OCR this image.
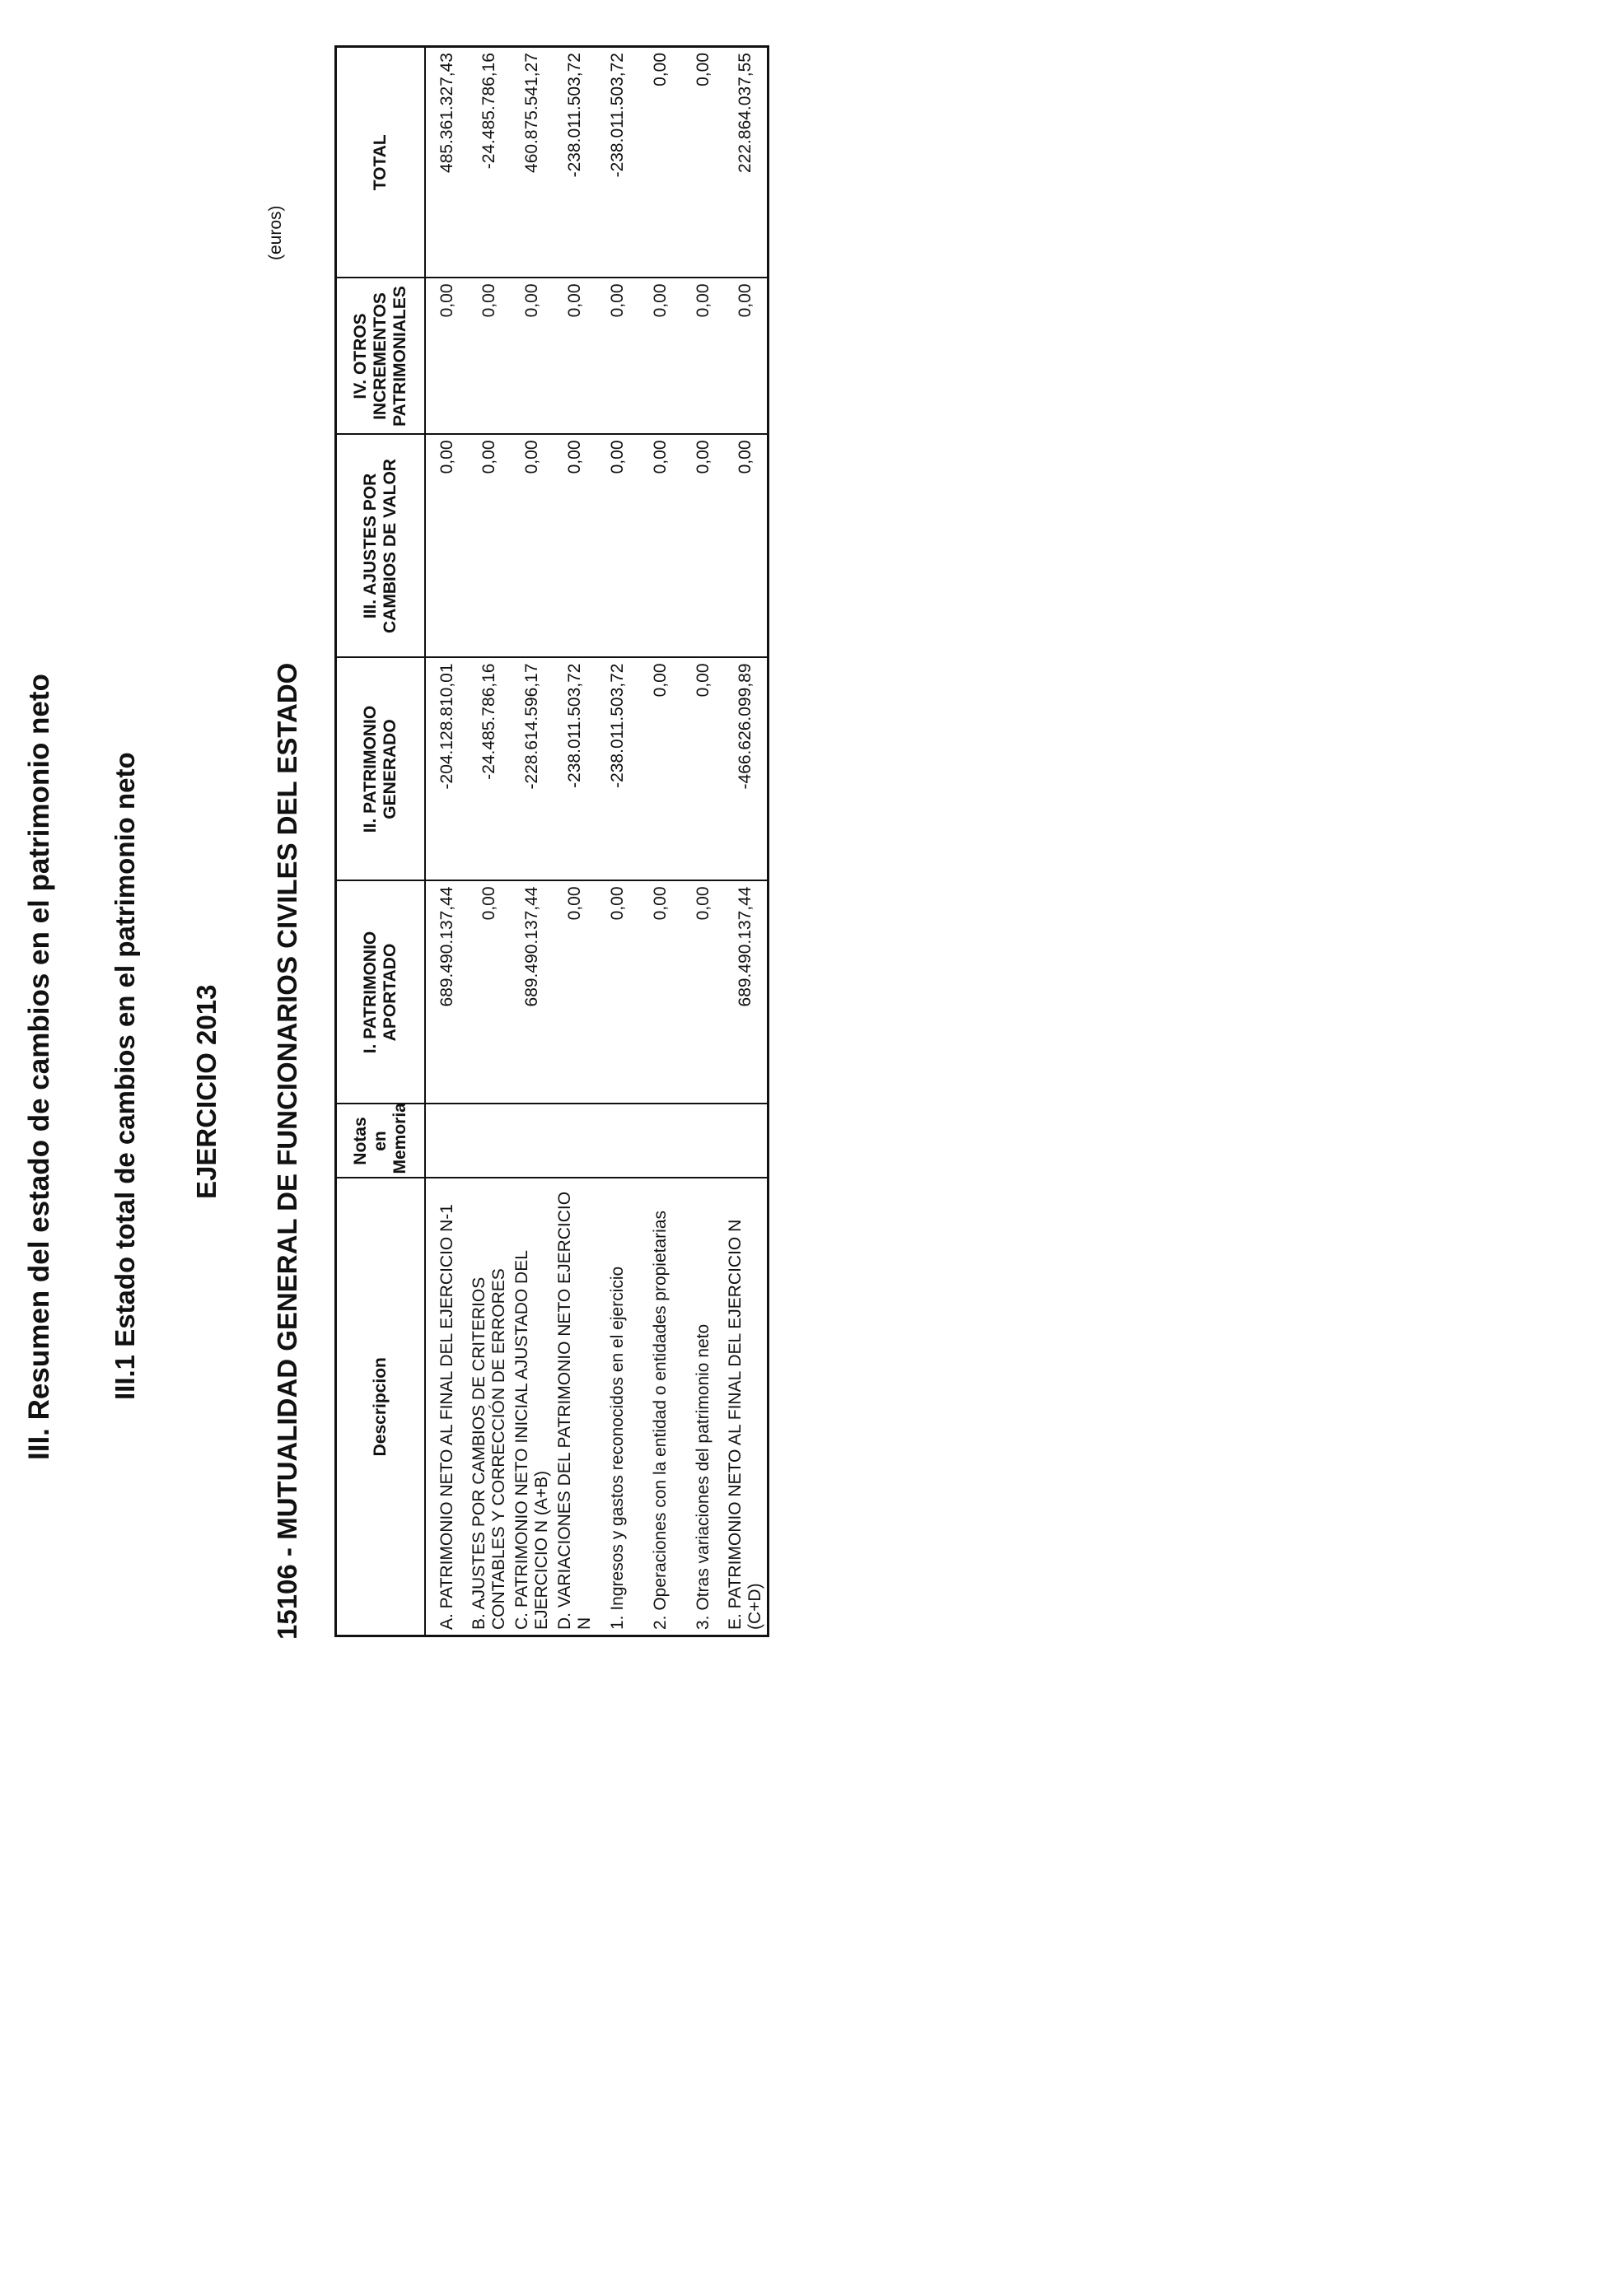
III. Resumen del estado de cambios en el patrimonio neto III.1 Estado total de cambios en el patrimonio neto EJERCICIO 2013 15106 - MUTUALIDAD GENERAL DE FUNCIONARIOS CIVILES DEL ESTADO
(euros)
Descripcion	Notas en Memoria	I. PATRIMONIO APORTADO	II. PATRIMONIO GENERADO	III. AJUSTES POR CAMBIOS DE VALOR	IV. OTROS INCREMENTOS PATRIMONIALES	TOTAL
A. PATRIMONIO NETO AL FINAL DEL EJERCICIO N-1		689.490.137,44	-204.128.810,01	0,00	0,00	485.361.327,43
B. AJUSTES POR CAMBIOS DE CRITERIOS CONTABLES Y CORRECCIÓN DE ERRORES		0,00	-24.485.786,16	0,00	0,00	-24.485.786,16
C. PATRIMONIO NETO INICIAL AJUSTADO DEL EJERCICIO N (A+B)		689.490.137,44	-228.614.596,17	0,00	0,00	460.875.541,27
D. VARIACIONES DEL PATRIMONIO NETO EJERCICIO N		0,00	-238.011.503,72	0,00	0,00	-238.011.503,72
1. Ingresos y gastos reconocidos en el ejercicio		0,00	-238.011.503,72	0,00	0,00	-238.011.503,72
2. Operaciones con la entidad o entidades propietarias		0,00	0,00	0,00	0,00	0,00
3. Otras variaciones del patrimonio neto		0,00	0,00	0,00	0,00	0,00
E. PATRIMONIO NETO AL FINAL DEL EJERCICIO N (C+D)		689.490.137,44	-466.626.099,89	0,00	0,00	222.864.037,55
